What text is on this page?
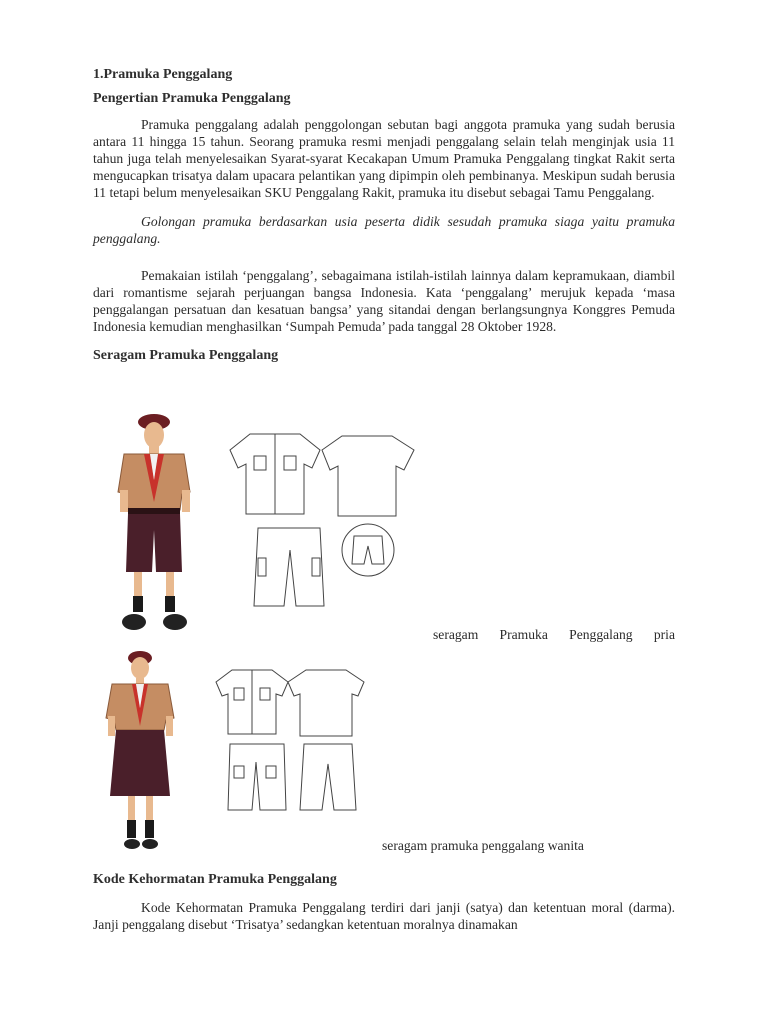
1.Pramuka Penggalang
Pengertian Pramuka Penggalang

Pramuka penggalang adalah penggolongan sebutan bagi anggota pramuka yang sudah berusia antara 11 hingga 15 tahun. Seorang pramuka resmi menjadi penggalang selain telah menginjak usia 11 tahun juga telah menyelesaikan Syarat-syarat Kecakapan Umum Pramuka Penggalang tingkat Rakit serta mengucapkan trisatya dalam upacara pelantikan yang dipimpin oleh pembinanya. Meskipun sudah berusia 11 tetapi belum menyelesaikan SKU Penggalang Rakit, pramuka itu disebut sebagai Tamu Penggalang.

Golongan pramuka berdasarkan usia peserta didik sesudah pramuka siaga yaitu pramuka penggalang.

Pemakaian istilah ‘penggalang’, sebagaimana istilah-istilah lainnya dalam kepramukaan, diambil dari romantisme sejarah perjuangan bangsa Indonesia. Kata ‘penggalang’ merujuk kepada ‘masa penggalangan persatuan dan kesatuan bangsa’ yang sitandai dengan berlangsungnya Konggres Pemuda Indonesia kemudian menghasilkan ‘Sumpah Pemuda’ pada tanggal 28 Oktober 1928.

Seragam Pramuka Penggalang
seragam Pramuka Penggalang pria
seragam pramuka penggalang wanita
Kode Kehormatan Pramuka Penggalang

Kode Kehormatan Pramuka Penggalang terdiri dari janji (satya) dan ketentuan moral (darma). Janji penggalang disebut ‘Trisatya’ sedangkan ketentuan moralnya dinamakan
